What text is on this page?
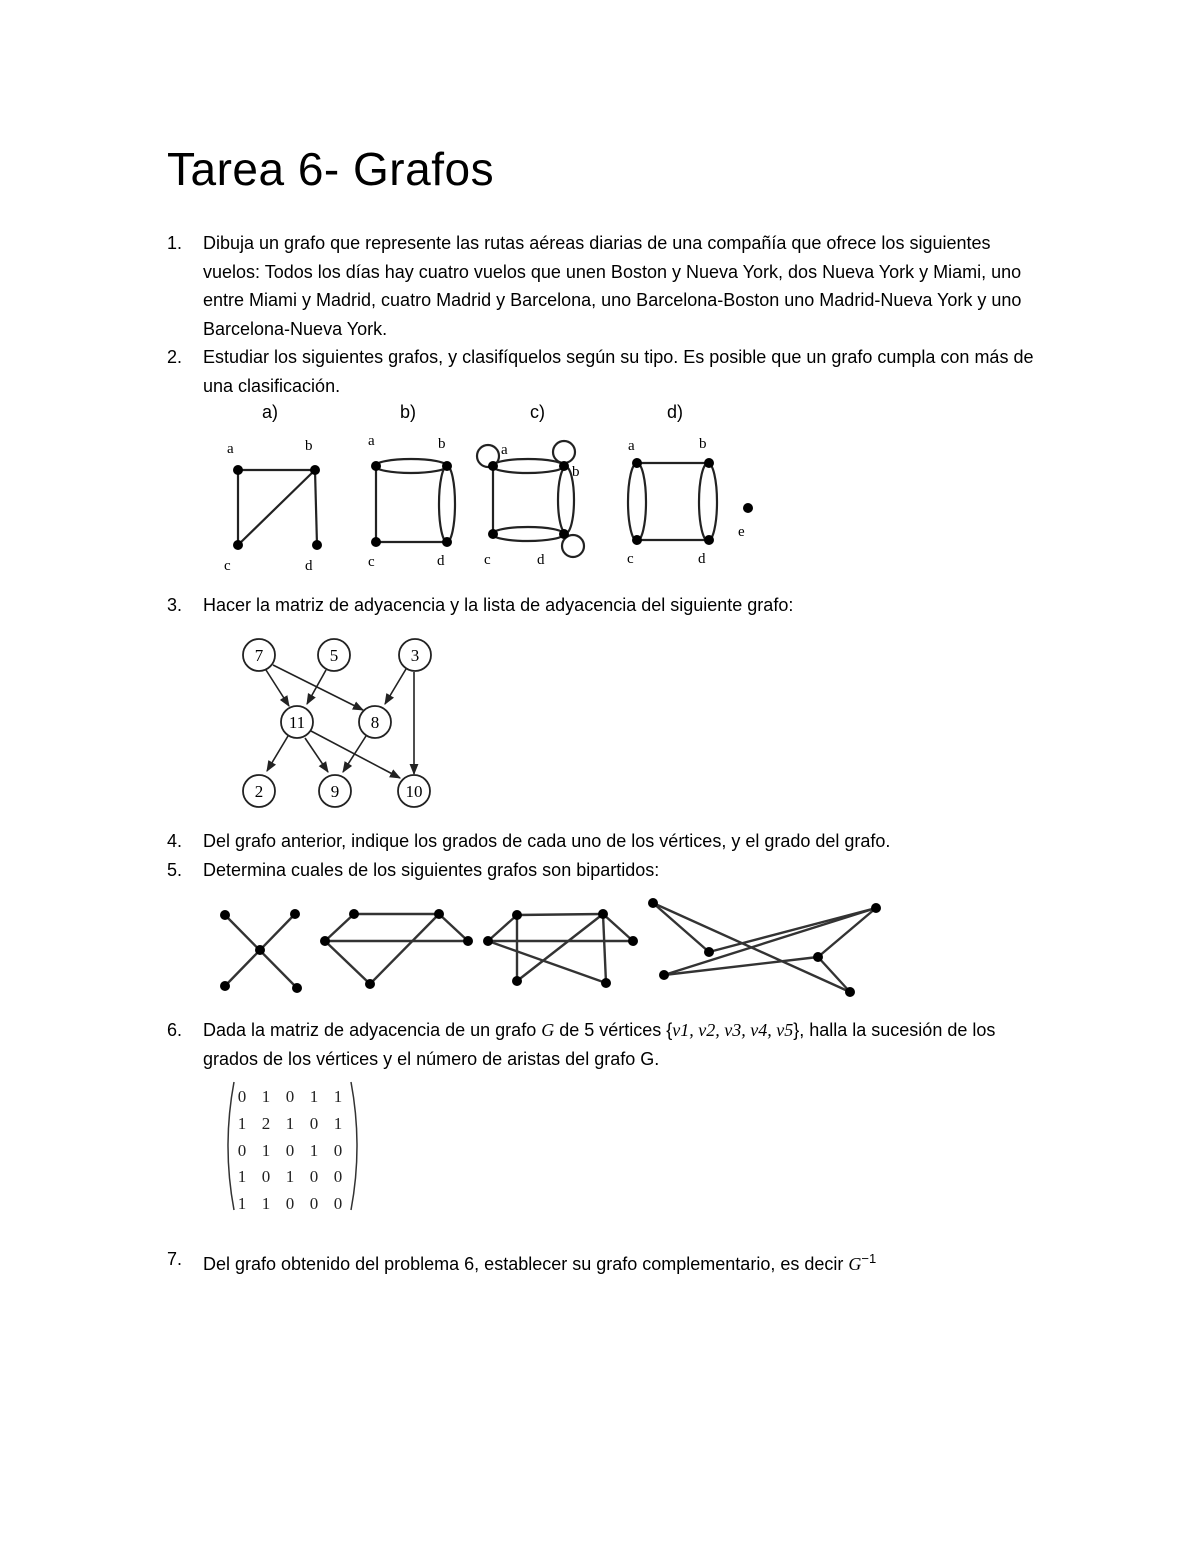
Tarea 6- Grafos
1.	Dibuja un grafo que represente las rutas aéreas diarias de una compañía que ofrece los siguientes vuelos: Todos los días hay cuatro vuelos que unen Boston y Nueva York, dos Nueva York y Miami, uno entre Miami y Madrid, cuatro Madrid y Barcelona, uno Barcelona-Boston uno Madrid-Nueva York y uno Barcelona-Nueva York.
2.	Estudiar los siguientes grafos, y clasifíquelos según su tipo. Es posible que un grafo cumpla con más de una clasificación.
a)	b)	c)	d)
a	b
c	d
a	b
c	d
a
b
c	d
a	b
c	d
e
3.	Hacer la matriz de adyacencia y la lista de adyacencia del siguiente grafo:
7	5	3
11	8
2	9	10
4.	Del grafo anterior, indique los grados de cada uno de los vértices, y el grado del grafo.
5.	Determina cuales de los siguientes grafos son bipartidos:
6.	Dada la matriz de adyacencia de un grafo G de 5 vértices {v1, v2, v3, v4, v5}, halla la sucesión de los grados de los vértices y el número de aristas del grafo G.
0 1 0 1 1
1 2 1 0 1
0 1 0 1 0
1 0 1 0 0
1 1 0 0 0
7.	Del grafo obtenido del problema 6, establecer su grafo complementario, es decir $G^{-1}$
